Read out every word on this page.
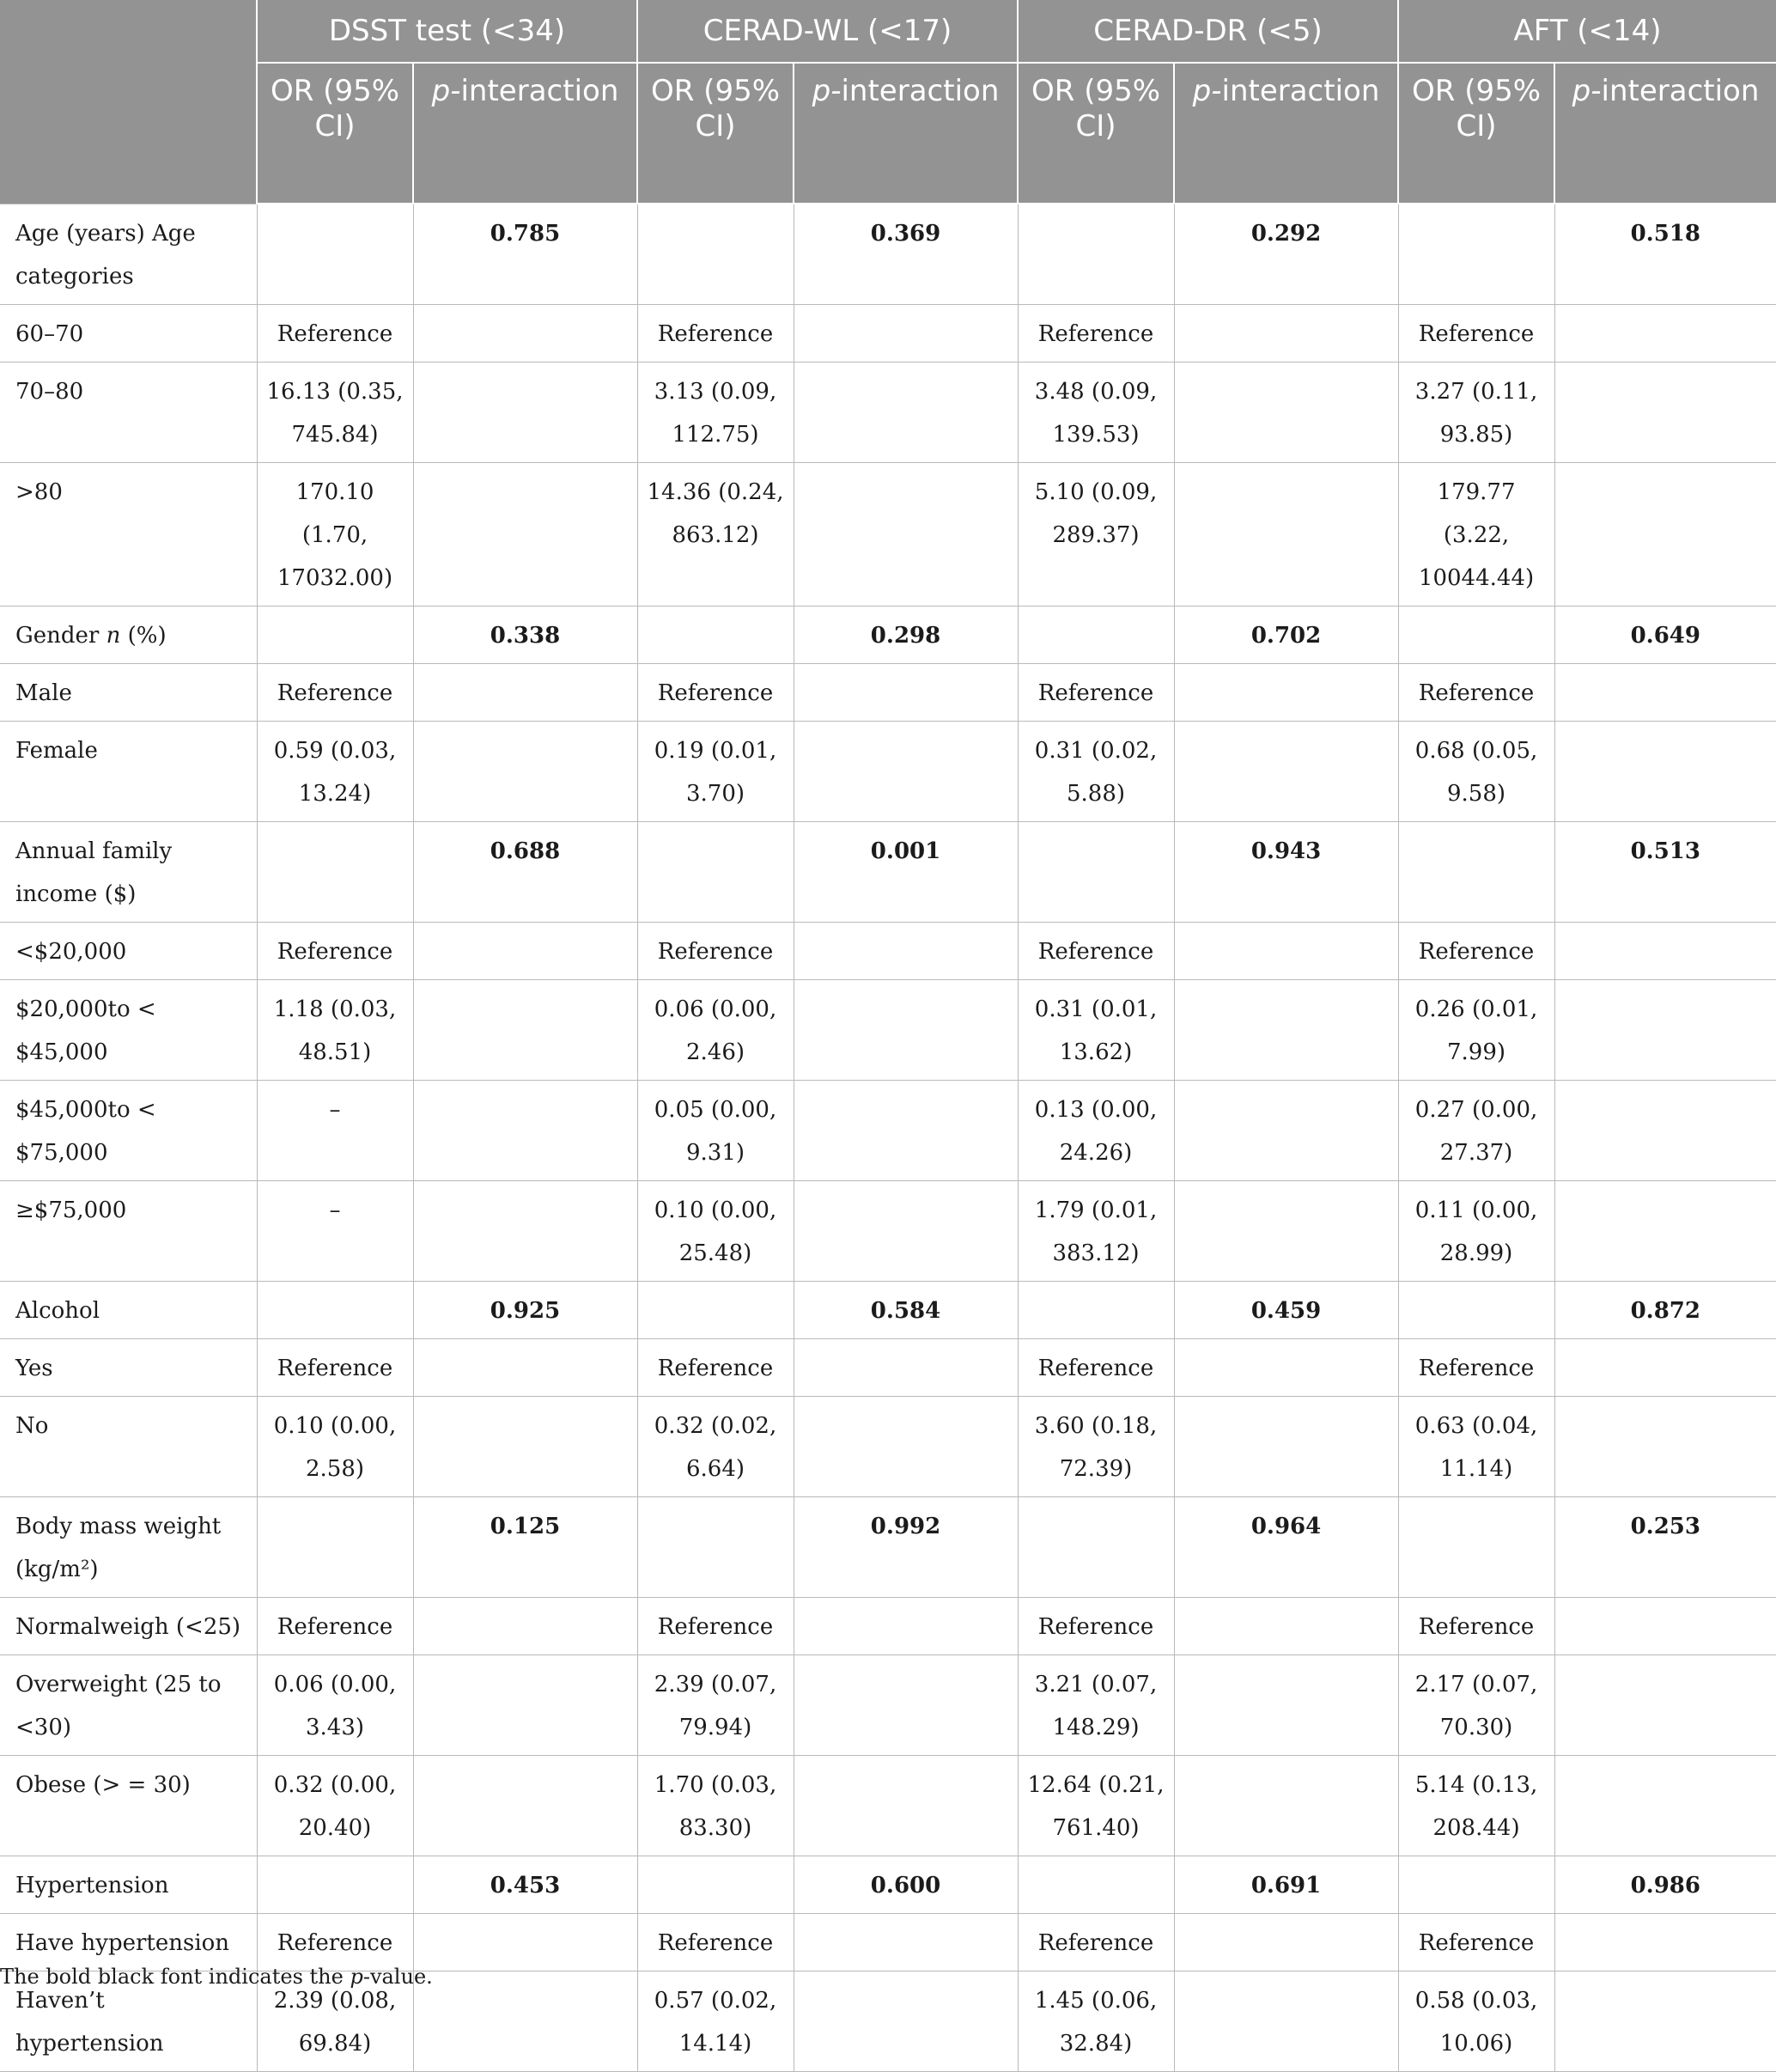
	DSST test (<34)		CERAD-WL (<17)		CERAD-DR (<5)		AFT (<14)	
	OR (95% CI)	p-interaction	OR (95% CI)	p-interaction	OR (95% CI)	p-interaction	OR (95% CI)	p-interaction
Age (years) Age categories		0.785		0.369		0.292		0.518
60–70	Reference		Reference		Reference		Reference	
70–80	16.13 (0.35, 745.84)		3.13 (0.09, 112.75)		3.48 (0.09, 139.53)		3.27 (0.11, 93.85)	
>80	170.10 (1.70, 17032.00)		14.36 (0.24, 863.12)		5.10 (0.09, 289.37)		179.77 (3.22, 10044.44)	
Gender n (%)		0.338		0.298		0.702		0.649
Male	Reference		Reference		Reference		Reference	
Female	0.59 (0.03, 13.24)		0.19 (0.01, 3.70)		0.31 (0.02, 5.88)		0.68 (0.05, 9.58)	
Annual family income ($)		0.688		0.001		0.943		0.513
<$20,000	Reference		Reference		Reference		Reference	
$20,000to < $45,000	1.18 (0.03, 48.51)		0.06 (0.00, 2.46)		0.31 (0.01, 13.62)		0.26 (0.01, 7.99)	
$45,000to < $75,000	–		0.05 (0.00, 9.31)		0.13 (0.00, 24.26)		0.27 (0.00, 27.37)	
≥$75,000	–		0.10 (0.00, 25.48)		1.79 (0.01, 383.12)		0.11 (0.00, 28.99)	
Alcohol		0.925		0.584		0.459		0.872
Yes	Reference		Reference		Reference		Reference	
No	0.10 (0.00, 2.58)		0.32 (0.02, 6.64)		3.60 (0.18, 72.39)		0.63 (0.04, 11.14)	
Body mass weight (kg/m²)		0.125		0.992		0.964		0.253
Normalweigh (<25)	Reference		Reference		Reference		Reference	
Overweight (25 to <30)	0.06 (0.00, 3.43)		2.39 (0.07, 79.94)		3.21 (0.07, 148.29)		2.17 (0.07, 70.30)	
Obese (> = 30)	0.32 (0.00, 20.40)		1.70 (0.03, 83.30)		12.64 (0.21, 761.40)		5.14 (0.13, 208.44)	
Hypertension		0.453		0.600		0.691		0.986
Have hypertension	Reference		Reference		Reference		Reference	
Haven’t hypertension	2.39 (0.08, 69.84)		0.57 (0.02, 14.14)		1.45 (0.06, 32.84)		0.58 (0.03, 10.06)	
The bold black font indicates the p-value.
